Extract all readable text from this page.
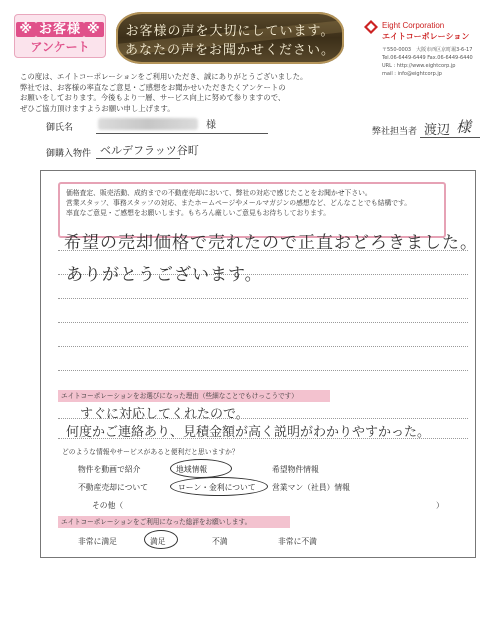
※ お客様 ※
アンケート
お客様の声を大切にしています。
あなたの声をお聞かせください。
Eight Corporation
エイトコーポレーション
〒550-0003　大阪市西区京町堀3-6-17
Tel.06-6449-6449 Fax.06-6449-6440
URL : http://www.eightcorp.jp
mail : info@eightcorp.jp
この度は、エイトコーポレーションをご利用いただき、誠にありがとうございました。
弊社では、お客様の率直なご意見・ご感想をお聞かせいただきたくアンケートの
お願いをしております。今後もより一層、サービス向上に努めて参りますので、
ぜひご協力頂けますようお願い申し上げます。
御氏名	様
弊社担当者 渡辺 様
御購入物件 ベルデフラッツ谷町
価格査定、販売活動、成約までの不動産売却において、弊社の対応で感じたことをお聞かせ下さい。
営業スタッフ、事務スタッフの対応、またホームページやメールマガジンの感想など、どんなことでも結構です。
率直なご意見・ご感想をお願いします。もちろん厳しいご意見もお待ちしております。
希望の売却価格で売れたので正直おどろきました。
ありがとうございます。
エイトコーポレーションをお選びになった理由（些細なことでもけっこうです）
すぐに対応してくれたので。
何度かご連絡あり、見積金額が高く説明がわかりやすかった。
どのような情報やサービスがあると便利だと思いますか？
物件を動画で紹介	地域情報	希望物件情報
不動産売却について	ローン・金利について 営業マン（社員）情報
その他（	）
エイトコーポレーションをご利用になった総評をお願いします。
非常に満足	満足	不満	非常に不満
